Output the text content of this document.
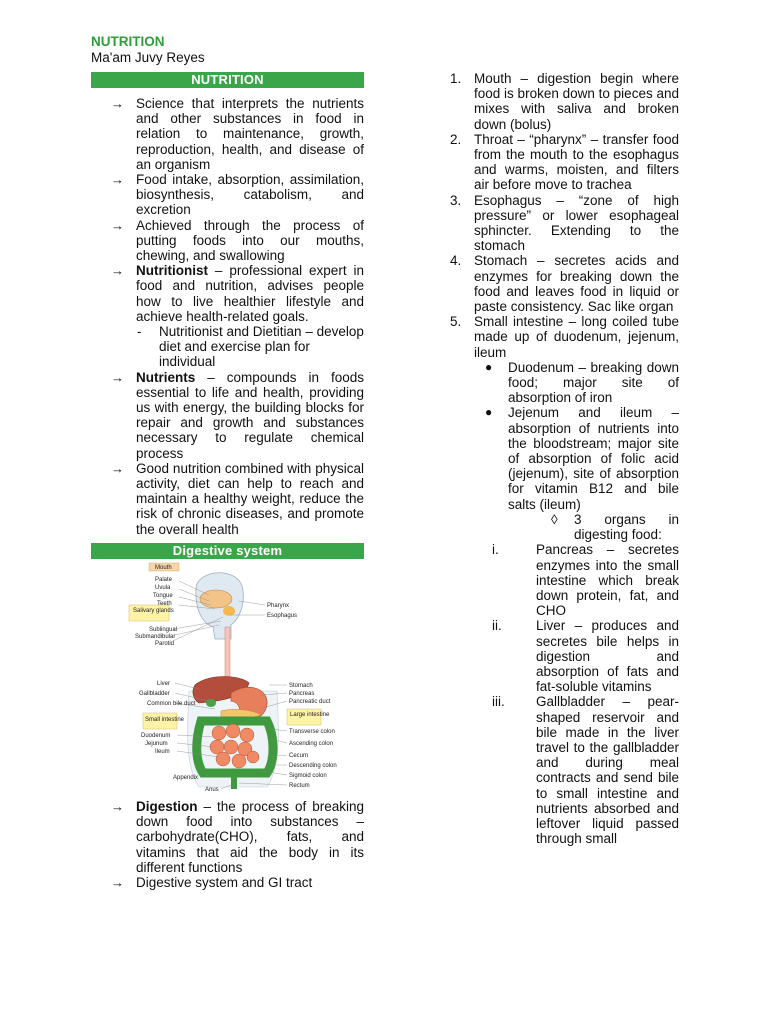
NUTRITION
Ma'am Juvy Reyes
NUTRITION
→ Science that interprets the nutrients and other substances in food in relation to maintenance, growth, reproduction, health, and disease of an organism
→ Food intake, absorption, assimilation, biosynthesis, catabolism, and excretion
→ Achieved through the process of putting foods into our mouths, chewing, and swallowing
→ Nutritionist – professional expert in food and nutrition, advises people how to live healthier lifestyle and achieve health-related goals.
- Nutritionist and Dietitian – develop diet and exercise plan for individual
→ Nutrients – compounds in foods essential to life and health, providing us with energy, the building blocks for repair and growth and substances necessary to regulate chemical process
→ Good nutrition combined with physical activity, diet can help to reach and maintain a healthy weight, reduce the risk of chronic diseases, and promote the overall health
Digestive system
Mouth
Palate
Uvula
Tongue
Teeth
Salivary glands
Sublingual
Submandibular
Parotid
Pharynx
Esophagus
Liver
Gallbladder
Common bile duct
Small intestine
Duodenum
Jejunum
Ileum
Appendix
Anus
Stomach
Pancreas
Pancreatic duct
Large intestine
Transverse colon
Ascending colon
Cecum
Descending colon
Sigmoid colon
Rectum
→ Digestion – the process of breaking down food into substances – carbohydrate(CHO), fats, and vitamins that aid the body in its different functions
→ Digestive system and GI tract
1. Mouth – digestion begin where food is broken down to pieces and mixes with saliva and broken down (bolus)
2. Throat – “pharynx” – transfer food from the mouth to the esophagus and warms, moisten, and filters air before move to trachea
3. Esophagus – “zone of high pressure” or lower esophageal sphincter. Extending to the stomach
4. Stomach – secretes acids and enzymes for breaking down the food and leaves food in liquid or paste consistency. Sac like organ
5. Small intestine – long coiled tube made up of duodenum, jejenum, ileum
● Duodenum – breaking down food; major site of absorption of iron
● Jejenum and ileum – absorption of nutrients into the bloodstream; major site of absorption of folic acid (jejenum), site of absorption for vitamin B12 and bile salts (ileum)
◊ 3 organs in digesting food:
i.	Pancreas – secretes enzymes into the small intestine which break down protein, fat, and CHO
ii.	Liver – produces and secretes bile helps in digestion and absorption of fats and fat-soluble vitamins
iii. Gallbladder – pear-shaped reservoir and bile made in the liver travel to the gallbladder and during meal contracts and send bile to small intestine and nutrients absorbed and leftover liquid passed through small
